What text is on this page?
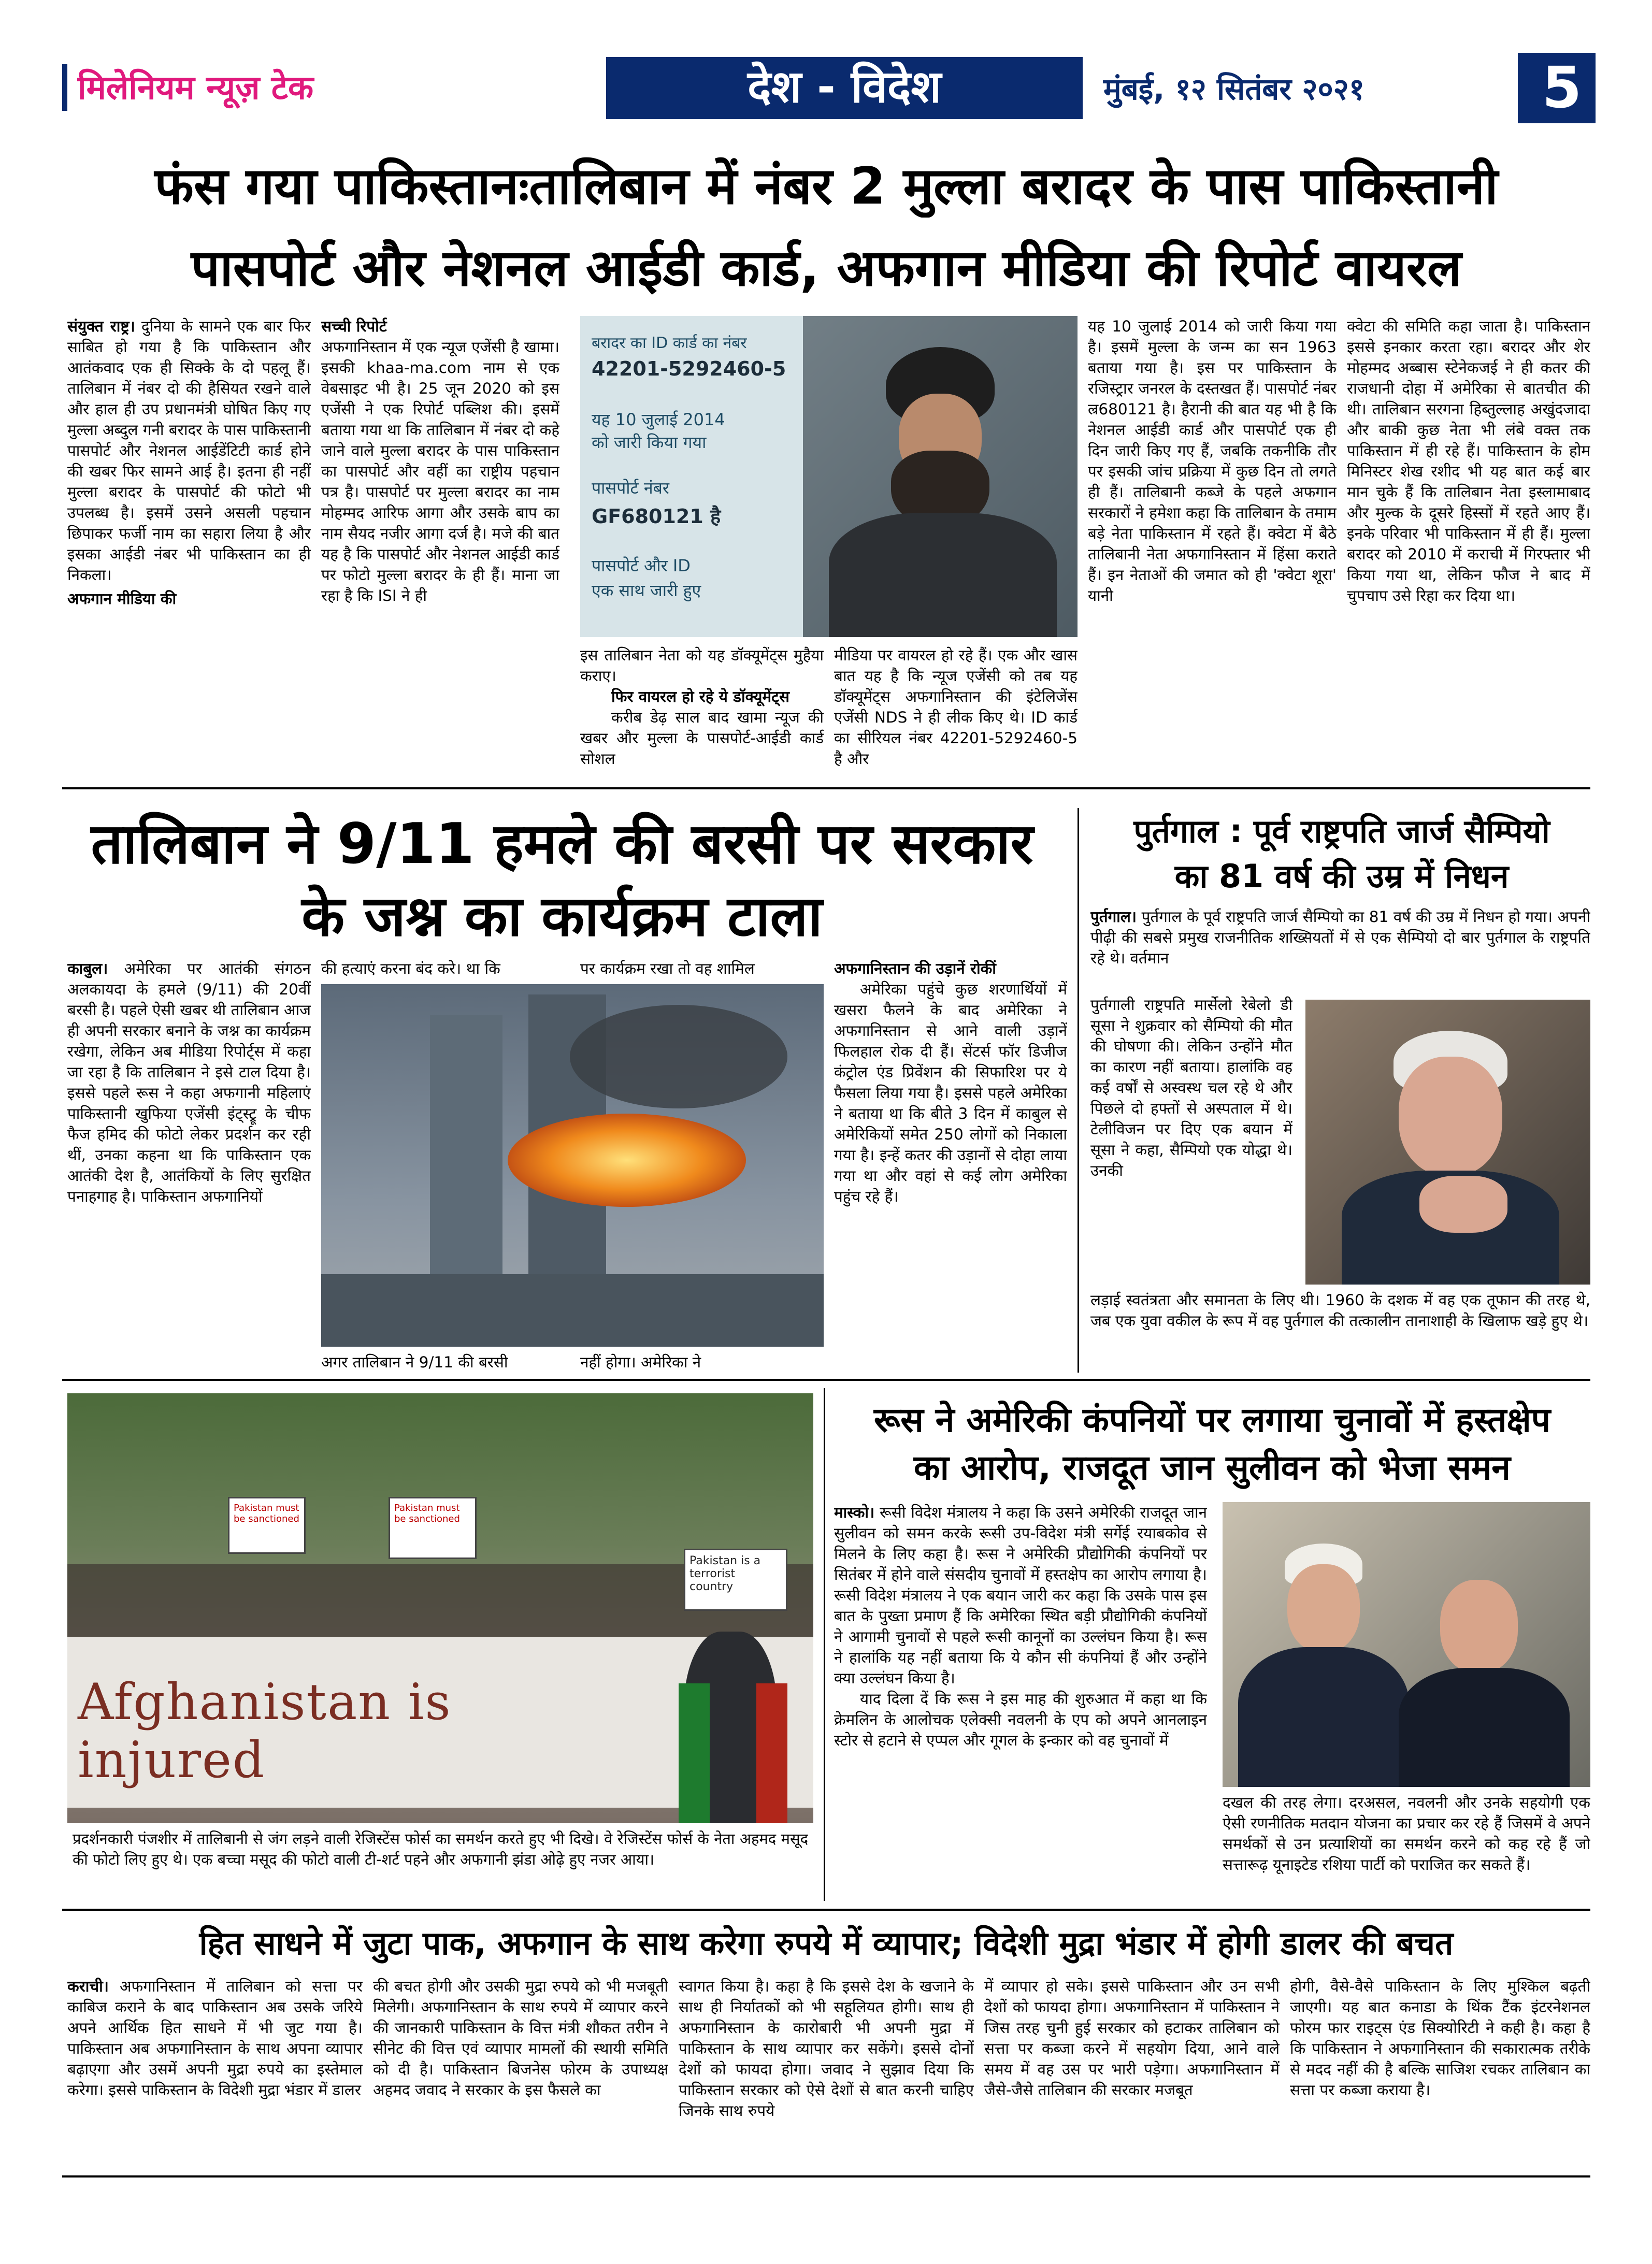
मिलेनियम न्यूज़ टेक	देश - विदेश	मुंबई, १२ सितंबर २०२१	5
फंस गया पाकिस्तानःतालिबान में नंबर 2 मुल्ला बरादर के पास पाकिस्तानी
पासपोर्ट और नेशनल आईडी कार्ड, अफगान मीडिया की रिपोर्ट वायरल
संयुक्त राष्ट्र। दुनिया के सामने एक बार फिर साबित हो गया है कि पाकिस्तान और आतंकवाद एक ही सिक्के के दो पहलू हैं। तालिबान में नंबर दो की हैसियत रखने वाले और हाल ही उप प्रधानमंत्री घोषित किए गए मुल्ला अब्दुल गनी बरादर के पास पाकिस्तानी पासपोर्ट और नेशनल आईडेंटिटी कार्ड होने की खबर फिर सामने आई है। इतना ही नहीं मुल्ला बरादर के पासपोर्ट की फोटो भी उपलब्ध है। इसमें उसने असली पहचान छिपाकर फर्जी नाम का सहारा लिया है और इसका आईडी नंबर भी पाकिस्तान का ही निकला।

अफगान मीडिया की

सच्ची रिपोर्ट

अफगानिस्तान में एक न्यूज एजेंसी है खामा। इसकी khaa-ma.com नाम से एक वेबसाइट भी है। 25 जून 2020 को इस एजेंसी ने एक रिपोर्ट पब्लिश की। इसमें बताया गया था कि तालिबान में नंबर दो कहे जाने वाले मुल्ला बरादर के पास पाकिस्तान का पासपोर्ट और वहीं का राष्ट्रीय पहचान पत्र है। पासपोर्ट पर मुल्ला बरादर का नाम मोहम्मद आरिफ आगा और उसके बाप का नाम सैयद नजीर आगा दर्ज है। मजे की बात यह है कि पासपोर्ट और नेशनल आईडी कार्ड पर फोटो मुल्ला बरादर के ही हैं। माना जा रहा है कि ISI ने ही

बरादर का ID कार्ड का नंबर
42201-5292460-5
यह 10 जुलाई 2014
को जारी किया गया
पासपोर्ट नंबर
GF680121 है
पासपोर्ट और ID
एक साथ जारी हुए
इस तालिबान नेता को यह डॉक्यूमेंट्स मुहैया कराए।

फिर वायरल हो रहे ये डॉक्यूमेंट्स

करीब डेढ़ साल बाद खामा न्यूज की खबर और मुल्ला के पासपोर्ट-आईडी कार्ड सोशल

मीडिया पर वायरल हो रहे हैं। एक और खास बात यह है कि न्यूज एजेंसी को तब यह डॉक्यूमेंट्स अफगानिस्तान की इंटेलिजेंस एजेंसी NDS ने ही लीक किए थे। ID कार्ड का सीरियल नंबर 42201-5292460-5 है और
यह 10 जुलाई 2014 को जारी किया गया है। इसमें मुल्ला के जन्म का सन 1963 बताया गया है। इस पर पाकिस्तान के रजिस्ट्रार जनरल के दस्तखत हैं। पासपोर्ट नंबर ल्र680121 है। हैरानी की बात यह भी है कि नेशनल आईडी कार्ड और पासपोर्ट एक ही दिन जारी किए गए हैं, जबकि तकनीकि तौर पर इसकी जांच प्रक्रिया में कुछ दिन तो लगते ही हैं। तालिबानी कब्जे के पहले अफगान सरकारों ने हमेशा कहा कि तालिबान के तमाम बड़े नेता पाकिस्तान में रहते हैं। क्वेटा में बैठे तालिबानी नेता अफगानिस्तान में हिंसा कराते हैं। इन नेताओं की जमात को ही 'क्वेटा शूरा' यानी
क्वेटा की समिति कहा जाता है। पाकिस्तान इससे इनकार करता रहा। बरादर और शेर मोहम्मद अब्बास स्टेनेकजई ने ही कतर की राजधानी दोहा में अमेरिका से बातचीत की थी। तालिबान सरगना हिब्तुल्लाह अखुंदजादा और बाकी कुछ नेता भी लंबे वक्त तक पाकिस्तान में ही रहे हैं। पाकिस्तान के होम मिनिस्टर शेख रशीद भी यह बात कई बार मान चुके हैं कि तालिबान नेता इस्लामाबाद और मुल्क के दूसरे हिस्सों में रहते आए हैं। इनके परिवार भी पाकिस्तान में ही हैं। मुल्ला बरादर को 2010 में कराची में गिरफ्तार भी किया गया था, लेकिन फौज ने बाद में चुपचाप उसे रिहा कर दिया था।
तालिबान ने 9/11 हमले की बरसी पर सरकार
के जश्न का कार्यक्रम टाला
काबुल। अमेरिका पर आतंकी संगठन अलकायदा के हमले (9/11) की 20वीं बरसी है। पहले ऐसी खबर थी तालिबान आज ही अपनी सरकार बनाने के जश्न का कार्यक्रम रखेगा, लेकिन अब मीडिया रिपोर्ट्स में कहा जा रहा है कि तालिबान ने इसे टाल दिया है। इससे पहले रूस ने कहा अफगानी महिलाएं पाकिस्तानी खुफिया एजेंसी इंट्स्ट्रू के चीफ फैज हमिद की फोटो लेकर प्रदर्शन कर रही थीं, उनका कहना था कि पाकिस्तान एक आतंकी देश है, आतंकियों के लिए सुरक्षित पनाहगाह है। पाकिस्तान अफगानियों
की हत्याएं करना बंद करे। था कि	पर कार्यक्रम रखा तो वह शामिल
अगर तालिबान ने 9/11 की बरसी	नहीं होगा। अमेरिका ने

अफगानिस्तान की उड़ानें रोकीं

अमेरिका पहुंचे कुछ शरणार्थियों में खसरा फैलने के बाद अमेरिका ने अफगानिस्तान से आने वाली उड़ानें फिलहाल रोक दी हैं। सेंटर्स फॉर डिजीज कंट्रोल एंड प्रिवेंशन की सिफारिश पर ये फैसला लिया गया है। इससे पहले अमेरिका ने बताया था कि बीते 3 दिन में काबुल से अमेरिकियों समेत 250 लोगों को निकाला गया है। इन्हें कतर की उड़ानों से दोहा लाया गया था और वहां से कई लोग अमेरिका पहुंच रहे हैं।

पुर्तगाल : पूर्व राष्ट्रपति जार्ज सैम्पियो
का 81 वर्ष की उम्र में निधन
पुर्तगाल। पुर्तगाल के पूर्व राष्ट्रपति जार्ज सैम्पियो का 81 वर्ष की उम्र में निधन हो गया। अपनी पीढ़ी की सबसे प्रमुख राजनीतिक शख्सियतों में से एक सैम्पियो दो बार पुर्तगाल के राष्ट्रपति रहे थे। वर्तमान
पुर्तगाली राष्ट्रपति मार्सेलो रेबेलो डी सूसा ने शुक्रवार को सैम्पियो की मौत की घोषणा की। लेकिन उन्होंने मौत का कारण नहीं बताया। हालांकि वह कई वर्षों से अस्वस्थ चल रहे थे और पिछले दो हफ्तों से अस्पताल में थे। टेलीविजन पर दिए एक बयान में सूसा ने कहा, सैम्पियो एक योद्धा थे। उनकी
लड़ाई स्वतंत्रता और समानता के लिए थी। 1960 के दशक में वह एक तूफान की तरह थे, जब एक युवा वकील के रूप में वह पुर्तगाल की तत्कालीन तानाशाही के खिलाफ खड़े हुए थे।
Pakistan must be sanctioned
Pakistan must be sanctioned
Pakistan is a terrorist country
Afghanistan is injured
प्रदर्शनकारी पंजशीर में तालिबानी से जंग लड़ने वाली रेजिस्टेंस फोर्स का समर्थन करते हुए भी दिखे। वे रेजिस्टेंस फोर्स के नेता अहमद मसूद की फोटो लिए हुए थे। एक बच्चा मसूद की फोटो वाली टी-शर्ट पहने और अफगानी झंडा ओढ़े हुए नजर आया।
रूस ने अमेरिकी कंपनियों पर लगाया चुनावों में हस्तक्षेप
का आरोप, राजदूत जान सुलीवन को भेजा समन
मास्को। रूसी विदेश मंत्रालय ने कहा कि उसने अमेरिकी राजदूत जान सुलीवन को समन करके रूसी उप-विदेश मंत्री सर्गेई रयाबकोव से मिलने के लिए कहा है। रूस ने अमेरिकी प्रौद्योगिकी कंपनियों पर सितंबर में होने वाले संसदीय चुनावों में हस्तक्षेप का आरोप लगाया है। रूसी विदेश मंत्रालय ने एक बयान जारी कर कहा कि उसके पास इस बात के पुख्ता प्रमाण हैं कि अमेरिका स्थित बड़ी प्रौद्योगिकी कंपनियों ने आगामी चुनावों से पहले रूसी कानूनों का उल्लंघन किया है। रूस ने हालांकि यह नहीं बताया कि ये कौन सी कंपनियां हैं और उन्होंने क्या उल्लंघन किया है।

याद दिला दें कि रूस ने इस माह की शुरुआत में कहा था कि क्रेमलिन के आलोचक एलेक्सी नवलनी के एप को अपने आनलाइन स्टोर से हटाने से एप्पल और गूगल के इन्कार को वह चुनावों में

दखल की तरह लेगा। दरअसल, नवलनी और उनके सहयोगी एक ऐसी रणनीतिक मतदान योजना का प्रचार कर रहे हैं जिसमें वे अपने समर्थकों से उन प्रत्याशियों का समर्थन करने को कह रहे हैं जो सत्तारूढ़ यूनाइटेड रशिया पार्टी को पराजित कर सकते हैं।
हित साधने में जुटा पाक, अफगान के साथ करेगा रुपये में व्यापार; विदेशी मुद्रा भंडार में होगी डालर की बचत
कराची। अफगानिस्तान में तालिबान को सत्ता पर काबिज कराने के बाद पाकिस्तान अब उसके जरिये अपने आर्थिक हित साधने में भी जुट गया है। पाकिस्तान अब अफगानिस्तान के साथ अपना व्यापार बढ़ाएगा और उसमें अपनी मुद्रा रुपये का इस्तेमाल करेगा। इससे पाकिस्तान के विदेशी मुद्रा भंडार में डालर
की बचत होगी और उसकी मुद्रा रुपये को भी मजबूती मिलेगी। अफगानिस्तान के साथ रुपये में व्यापार करने की जानकारी पाकिस्तान के वित्त मंत्री शौकत तरीन ने सीनेट की वित्त एवं व्यापार मामलों की स्थायी समिति को दी है। पाकिस्तान बिजनेस फोरम के उपाध्यक्ष अहमद जवाद ने सरकार के इस फैसले का
स्वागत किया है। कहा है कि इससे देश के खजाने के साथ ही निर्यातकों को भी सहूलियत होगी। साथ ही अफगानिस्तान के कारोबारी भी अपनी मुद्रा में पाकिस्तान के साथ व्यापार कर सकेंगे। इससे दोनों देशों को फायदा होगा। जवाद ने सुझाव दिया कि पाकिस्तान सरकार को ऐसे देशों से बात करनी चाहिए जिनके साथ रुपये
में व्यापार हो सके। इससे पाकिस्तान और उन सभी देशों को फायदा होगा। अफगानिस्तान में पाकिस्तान ने जिस तरह चुनी हुई सरकार को हटाकर तालिबान को सत्ता पर कब्जा करने में सहयोग दिया, आने वाले समय में वह उस पर भारी पड़ेगा। अफगानिस्तान में जैसे-जैसे तालिबान की सरकार मजबूत
होगी, वैसे-वैसे पाकिस्तान के लिए मुश्किल बढ़ती जाएगी। यह बात कनाडा के थिंक टैंक इंटरनेशनल फोरम फार राइट्स एंड सिक्योरिटी ने कही है। कहा है कि पाकिस्तान ने अफगानिस्तान की सकारात्मक तरीके से मदद नहीं की है बल्कि साजिश रचकर तालिबान का सत्ता पर कब्जा कराया है।
